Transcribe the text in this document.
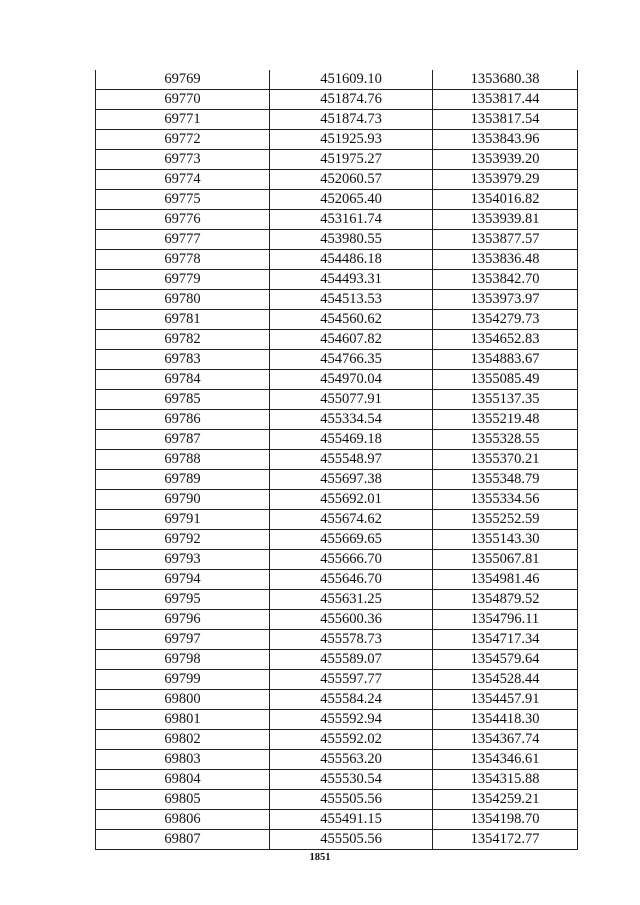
69769	451609.10	1353680.38
69770	451874.76	1353817.44
69771	451874.73	1353817.54
69772	451925.93	1353843.96
69773	451975.27	1353939.20
69774	452060.57	1353979.29
69775	452065.40	1354016.82
69776	453161.74	1353939.81
69777	453980.55	1353877.57
69778	454486.18	1353836.48
69779	454493.31	1353842.70
69780	454513.53	1353973.97
69781	454560.62	1354279.73
69782	454607.82	1354652.83
69783	454766.35	1354883.67
69784	454970.04	1355085.49
69785	455077.91	1355137.35
69786	455334.54	1355219.48
69787	455469.18	1355328.55
69788	455548.97	1355370.21
69789	455697.38	1355348.79
69790	455692.01	1355334.56
69791	455674.62	1355252.59
69792	455669.65	1355143.30
69793	455666.70	1355067.81
69794	455646.70	1354981.46
69795	455631.25	1354879.52
69796	455600.36	1354796.11
69797	455578.73	1354717.34
69798	455589.07	1354579.64
69799	455597.77	1354528.44
69800	455584.24	1354457.91
69801	455592.94	1354418.30
69802	455592.02	1354367.74
69803	455563.20	1354346.61
69804	455530.54	1354315.88
69805	455505.56	1354259.21
69806	455491.15	1354198.70
69807	455505.56	1354172.77
1851
